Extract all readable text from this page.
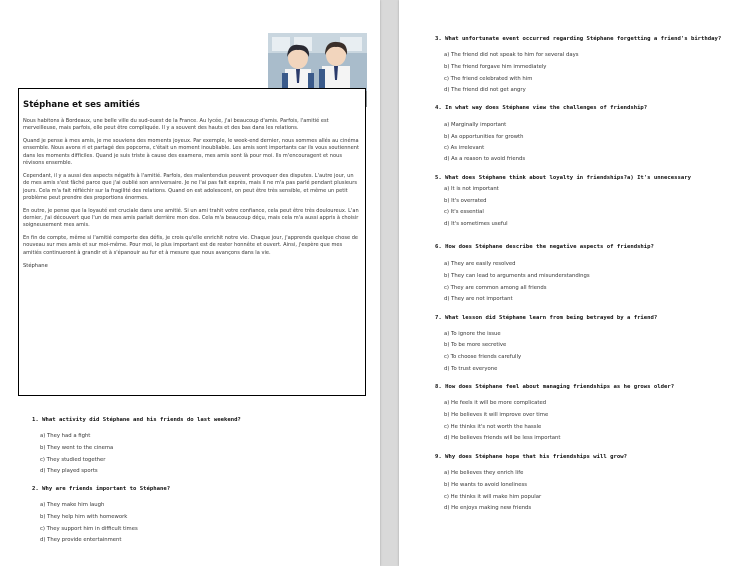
Stéphane et ses amitiés

Nous habitons à Bordeaux, une belle ville du sud-ouest de la France. Au lycée, j'ai beaucoup d'amis. Parfois, l'amitié est merveilleuse, mais parfois, elle peut être compliquée. Il y a souvent des hauts et des bas dans les relations.

Quand je pense à mes amis, je me souviens des moments joyeux. Par exemple, le week-end dernier, nous sommes allés au cinéma ensemble. Nous avons ri et partagé des popcorns, c'était un moment inoubliable. Les amis sont importants car ils vous soutiennent dans les moments difficiles. Quand je suis triste à cause des examens, mes amis sont là pour moi. Ils m'encouragent et nous révisons ensemble.

Cependant, il y a aussi des aspects négatifs à l'amitié. Parfois, des malentendus peuvent provoquer des disputes. L'autre jour, un de mes amis s'est fâché parce que j'ai oublié son anniversaire. Je ne l'ai pas fait exprès, mais il ne m'a pas parlé pendant plusieurs jours. Cela m'a fait réfléchir sur la fragilité des relations. Quand on est adolescent, on peut être très sensible, et même un petit problème peut prendre des proportions énormes.

En outre, je pense que la loyauté est cruciale dans une amitié. Si un ami trahit votre confiance, cela peut être très douloureux. L'an dernier, j'ai découvert que l'un de mes amis parlait derrière mon dos. Cela m'a beaucoup déçu, mais cela m'a aussi appris à choisir soigneusement mes amis.

En fin de compte, même si l'amitié comporte des défis, je crois qu'elle enrichit notre vie. Chaque jour, j'apprends quelque chose de nouveau sur mes amis et sur moi-même. Pour moi, le plus important est de rester honnête et ouvert. Ainsi, j'espère que mes amitiés continueront à grandir et à s'épanouir au fur et à mesure que nous avançons dans la vie.

Stéphane
1. What activity did Stéphane and his friends do last weekend?
a) They had a fight
b) They went to the cinema
c) They studied together
d) They played sports
2. Why are friends important to Stéphane?
a) They make him laugh
b) They help him with homework
c) They support him in difficult times
d) They provide entertainment
3. What unfortunate event occurred regarding Stéphane forgetting a friend's birthday?
a) The friend did not speak to him for several days
b) The friend forgave him immediately
c) The friend celebrated with him
d) The friend did not get angry
4. In what way does Stéphane view the challenges of friendship?
a) Marginally important
b) As opportunities for growth
c) As irrelevant
d) As a reason to avoid friends
5. What does Stéphane think about loyalty in friendships?a) It's unnecessary
a) It is not important
b) It's overrated
c) It's essential
d) It's sometimes useful
6. How does Stéphane describe the negative aspects of friendship?
a) They are easily resolved
b) They can lead to arguments and misunderstandings
c) They are common among all friends
d) They are not important
7. What lesson did Stéphane learn from being betrayed by a friend?
a) To ignore the issue
b) To be more secretive
c) To choose friends carefully
d) To trust everyone
8. How does Stéphane feel about managing friendships as he grows older?
a) He feels it will be more complicated
b) He believes it will improve over time
c) He thinks it's not worth the hassle
d) He believes friends will be less important
9. Why does Stéphane hope that his friendships will grow?
a) He believes they enrich life
b) He wants to avoid loneliness
c) He thinks it will make him popular
d) He enjoys making new friends
